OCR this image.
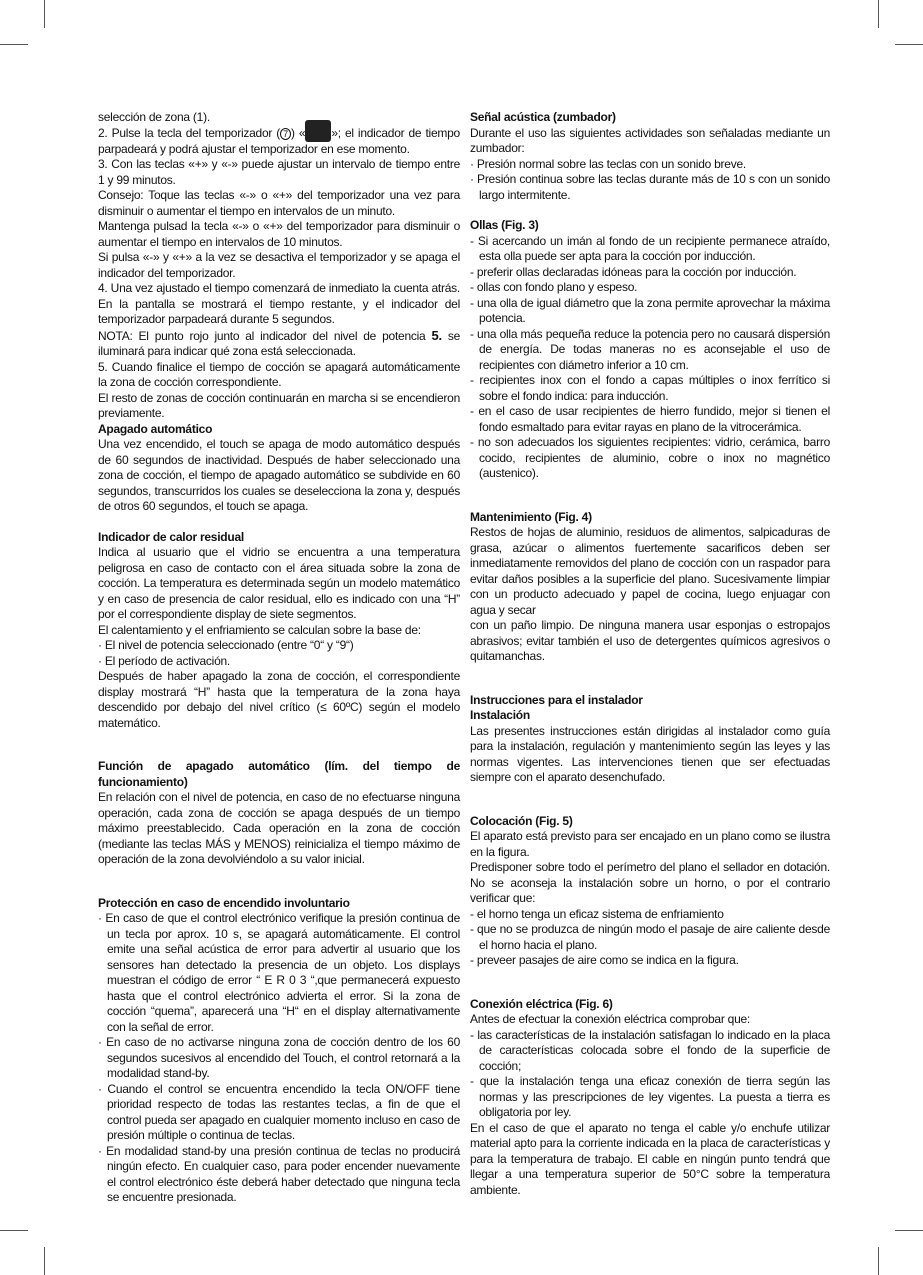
selección de zona (1).

2. Pulse la tecla del temporizador ( 7 ) « »; el indicador de tiempo parpadeará y podrá ajustar el temporizador en ese momento.

3. Con las teclas «+» y «-» puede ajustar un intervalo de tiempo entre 1 y 99 minutos.

Consejo: Toque las teclas «-» o «+» del temporizador una vez para disminuir o aumentar el tiempo en intervalos de un minuto.

Mantenga pulsad la tecla «-» o «+» del temporizador para disminuir o aumentar el tiempo en intervalos de 10 minutos.

Si pulsa «-» y «+» a la vez se desactiva el temporizador y se apaga el indicador del temporizador.

4. Una vez ajustado el tiempo comenzará de inmediato la cuenta atrás. En la pantalla se mostrará el tiempo restante, y el indicador del temporizador parpadeará durante 5 segundos.

NOTA: El punto rojo junto al indicador del nivel de potencia 5. se iluminará para indicar qué zona está seleccionada.

5. Cuando finalice el tiempo de cocción se apagará automáticamente la zona de cocción correspondiente.

El resto de zonas de cocción continuarán en marcha si se encendieron previamente.

Apagado automático

Una vez encendido, el touch se apaga de modo automático después de 60 segundos de inactividad. Después de haber seleccionado una zona de cocción, el tiempo de apagado automático se subdivide en 60 segundos, transcurridos los cuales se deselecciona la zona y, después de otros 60 segundos, el touch se apaga.

Indicador de calor residual

Indica al usuario que el vidrio se encuentra a una temperatura peligrosa en caso de contacto con el área situada sobre la zona de cocción. La temperatura es determinada según un modelo matemático y en caso de presencia de calor residual, ello es indicado con una “H” por el correspondiente display de siete segmentos.

El calentamiento y el enfriamiento se calculan sobre la base de:

· El nivel de potencia seleccionado (entre “0“ y “9“)

· El período de activación.

Después de haber apagado la zona de cocción, el correspondiente display mostrará “H” hasta que la temperatura de la zona haya descendido por debajo del nivel crítico (≤ 60ºC) según el modelo matemático.

Función de apagado automático (lím. del tiempo de funcionamiento)

En relación con el nivel de potencia, en caso de no efectuarse ninguna operación, cada zona de cocción se apaga después de un tiempo máximo preestablecido. Cada operación en la zona de cocción (mediante las teclas MÁS y MENOS) reinicializa el tiempo máximo de operación de la zona devolviéndolo a su valor inicial.

Protección en caso de encendido involuntario

· En caso de que el control electrónico verifique la presión continua de un tecla por aprox. 10 s, se apagará automáticamente. El control emite una señal acústica de error para advertir al usuario que los sensores han detectado la presencia de un objeto. Los displays muestran el código de error “ E R 0 3 “,que permanecerá expuesto hasta que el control electrónico advierta el error. Si la zona de cocción “quema”, aparecerá una “H“ en el display alternativamente con la señal de error.

· En caso de no activarse ninguna zona de cocción dentro de los 60 segundos sucesivos al encendido del Touch, el control retornará a la modalidad stand-by.

· Cuando el control se encuentra encendido la tecla ON/OFF tiene prioridad respecto de todas las restantes teclas, a fin de que el control pueda ser apagado en cualquier momento incluso en caso de presión múltiple o continua de teclas.

· En modalidad stand-by una presión continua de teclas no producirá ningún efecto. En cualquier caso, para poder encender nuevamente el control electrónico éste deberá haber detectado que ninguna tecla se encuentre presionada.

Señal acústica (zumbador)

Durante el uso las siguientes actividades son señaladas mediante un zumbador:

· Presión normal sobre las teclas con un sonido breve.

· Presión continua sobre las teclas durante más de 10 s con un sonido largo intermitente.

Ollas (Fig. 3)

- Si acercando un imán al fondo de un recipiente permanece atraído, esta olla puede ser apta para la cocción por inducción.

- preferir ollas declaradas idóneas para la cocción por inducción.

- ollas con fondo plano y espeso.

- una olla de igual diámetro que la zona permite aprovechar la máxima potencia.

- una olla más pequeña reduce la potencia pero no causará dispersión de energía. De todas maneras no es aconsejable el uso de recipientes con diámetro inferior a 10 cm.

- recipientes inox con el fondo a capas múltiples o inox ferrítico si sobre el fondo indica: para inducción.

- en el caso de usar recipientes de hierro fundido, mejor si tienen el fondo esmaltado para evitar rayas en plano de la vitrocerámica.

- no son adecuados los siguientes recipientes: vidrio, cerámica, barro cocido, recipientes de aluminio, cobre o inox no magnético (austenico).

Mantenimiento (Fig. 4)

Restos de hojas de aluminio, residuos de alimentos, salpicaduras de grasa, azúcar o alimentos fuertemente sacarificos deben ser inmediatamente removidos del plano de cocción con un raspador para evitar daños posibles a la superficie del plano. Sucesivamente limpiar con un producto adecuado y papel de cocina, luego enjuagar con agua y secar

con un paño limpio. De ninguna manera usar esponjas o estropajos abrasivos; evitar también el uso de detergentes químicos agresivos o quitamanchas.

Instrucciones para el instalador

Instalación

Las presentes instrucciones están dirigidas al instalador como guía para la instalación, regulación y mantenimiento según las leyes y las normas vigentes. Las intervenciones tienen que ser efectuadas siempre con el aparato desenchufado.

Colocación (Fig. 5)

El aparato está previsto para ser encajado en un plano como se ilustra en la figura.

Predisponer sobre todo el perímetro del plano el sellador en dotación. No se aconseja la instalación sobre un horno, o por el contrario verificar que:

- el horno tenga un eficaz sistema de enfriamiento

- que no se produzca de ningún modo el pasaje de aire caliente desde el horno hacia el plano.

- preveer pasajes de aire como se indica en la figura.

Conexión eléctrica (Fig. 6)

Antes de efectuar la conexión eléctrica comprobar que:

- las características de la instalación satisfagan lo indicado en la placa de características colocada sobre el fondo de la superficie de cocción;

- que la instalación tenga una eficaz conexión de tierra según las normas y las prescripciones de ley vigentes. La puesta a tierra es obligatoria por ley.

En el caso de que el aparato no tenga el cable y/o enchufe utilizar material apto para la corriente indicada en la placa de características y para la temperatura de trabajo. El cable en ningún punto tendrá que llegar a una temperatura superior de 50°C sobre la temperatura ambiente.
